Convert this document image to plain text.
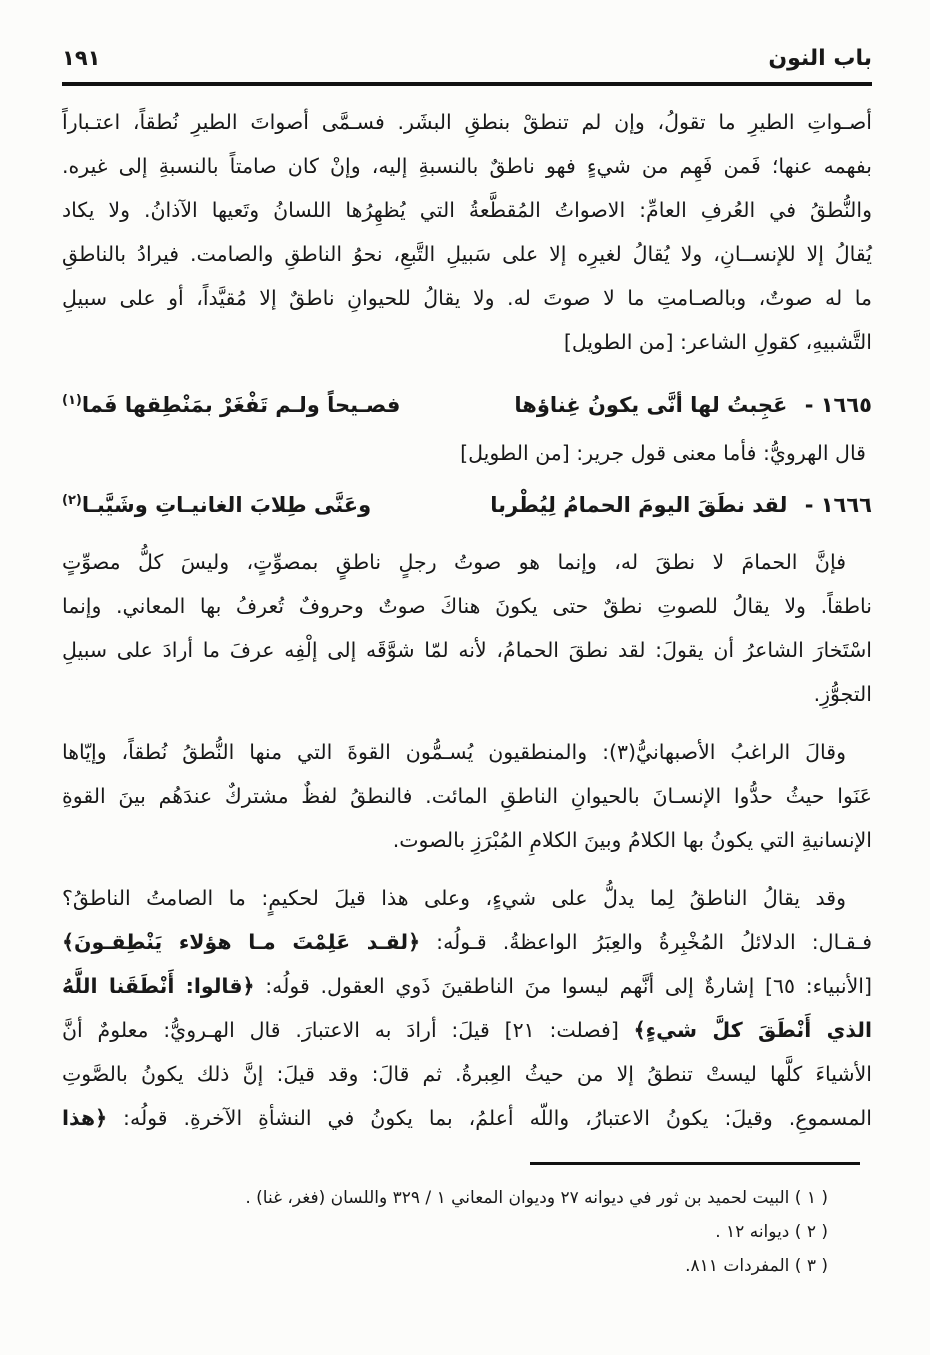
باب النون
١٩١
أصـواتِ الطيرِ ما تقولُ، وإن لم تنطقْ بنطقِ البشَر. فسـمَّى أصواتَ الطيرِ نُطقاً، اعتـباراً
بفهمه عنها؛ فَمن فَهِم من شيءٍ فهو ناطقٌ بالنسبةِ إليه، وإنْ كان صامتاً بالنسبةِ إلى غيره.
والنُّطقُ في العُرفِ العامِّ: الاصواتُ المُقطَّعةُ التي يُظهِرُها اللسانُ وتَعيها الآذانُ. ولا يكاد
يُقالُ إلا للإنســانِ، ولا يُقالُ لغيرِه إلا على سَبيلِ التَّبعِ، نحوُ الناطقِ والصامت. فيرادُ بالناطقِ
ما له صوتٌ، وبالصـامتِ ما لا صوتَ له. ولا يقالُ للحيوانِ ناطقٌ إلا مُقيَّداً، أو على سبيلِ
التَّشبيهِ، كقولِ الشاعر: [من الطويل]
١٦٦٥ - عَجِبتُ لها أنَّى يكونُ غِناؤها
فصـيحاً ولـم تَفْغَرْ بمَنْطِقها فَما$^{(١)}$
قال الهرويُّ: فأما معنى قول جرير: [من الطويل]
١٦٦٦ - لقد نطَقَ اليومَ الحمامُ لِيُطْربا
وعَنَّى طِلابَ الغانيـاتِ وشَيَّبـا$^{(٢)}$
فإنَّ الحمامَ لا نطقَ له، وإنما هو صوتُ رجلٍ ناطقٍ بمصوِّتٍ، وليسَ كلُّ مصوِّتٍ
ناطقاً. ولا يقالُ للصوتِ نطقٌ حتى يكونَ هناكَ صوتٌ وحروفٌ تُعرفُ بها المعاني. وإنما
اسْتَخارَ الشاعرُ أن يقولَ: لقد نطقَ الحمامُ، لأنه لمّا شوَّقَه إلى إلْفِه عرفَ ما أرادَ على سبيلِ
التجوُّزِ.
وقالَ الراغبُ الأصبهانيُّ(٣): والمنطقيون يُسـمُّون القوةَ التي منها النُّطقُ نُطقاً، وإيّاها
عَنَوا حيثُ حدُّوا الإنسـانَ بالحيوانِ الناطقِ المائت. فالنطقُ لفظٌ مشتركٌ عندَهُم بينَ القوةِ
الإنسانيةِ التي يكونُ بها الكلامُ وبينَ الكلامِ المُبْرَزِ بالصوت.
وقد يقالُ الناطقُ لِما يدلُّ على شيءٍ، وعلى هذا قيلَ لحكيمٍ: ما الصامتُ الناطقُ؟
فـقـال: الدلائلُ المُخْبِرةُ والعِبَرُ الواعظةُ. قـولُه: ﴿لقـد عَلِمْتَ مـا هؤلاء يَنْطِقـونَ﴾
[الأنبياء: ٦٥] إشارةٌ إلى أنَّهم ليسوا منَ الناطقينَ ذَوي العقول. قولُه: ﴿قالوا: أَنْطَقَنا اللَّهُ
الذي أَنْطَقَ كلَّ شيءٍ﴾ [فصلت: ٢١] قيلَ: أرادَ به الاعتبارَ. قال الهـرويُّ: معلومٌ أنَّ
الأشياءَ كلَّها ليستْ تنطقُ إلا من حيثُ العِبرةُ. ثم قالَ: وقد قيلَ: إنَّ ذلك يكونُ بالصَّوتِ
المسموعِ. وقيلَ: يكونُ الاعتبارُ، واللّه أعلمُ، بما يكونُ في النشأةِ الآخرةِ. قولُه: ﴿هذا
( ١ ) البيت لحميد بن ثور في ديوانه ٢٧ وديوان المعاني ١ / ٣٢٩ واللسان (فغر، غنا) .
( ٢ ) ديوانه ١٢ .
( ٣ ) المفردات ٨١١.
